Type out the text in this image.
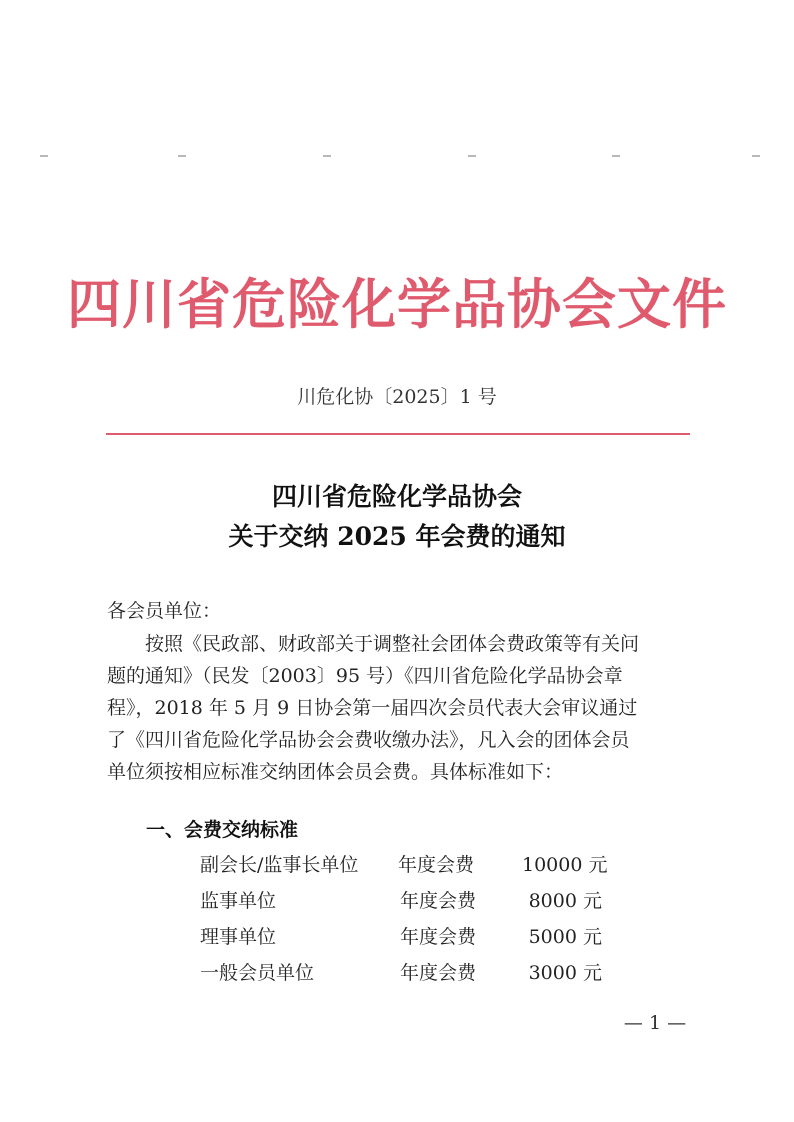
四川省危险化学品协会文件
川危化协〔2025〕1 号
四川省危险化学品协会
关于交纳 2025 年会费的通知
各会员单位：
　　按照《民政部、财政部关于调整社会团体会费政策等有关问
题的通知》（民发〔2003〕95 号）《四川省危险化学品协会章
程》，2018 年 5 月 9 日协会第一届四次会员代表大会审议通过
了《四川省危险化学品协会会费收缴办法》，凡入会的团体会员
单位须按相应标准交纳团体会员会费。具体标准如下：
一、会费交纳标准
副会长/监事长单位 年度会费	10000 元
监事单位	年度会费	8000 元
理事单位	年度会费	5000 元
一般会员单位	年度会费	3000 元
— 1 —
